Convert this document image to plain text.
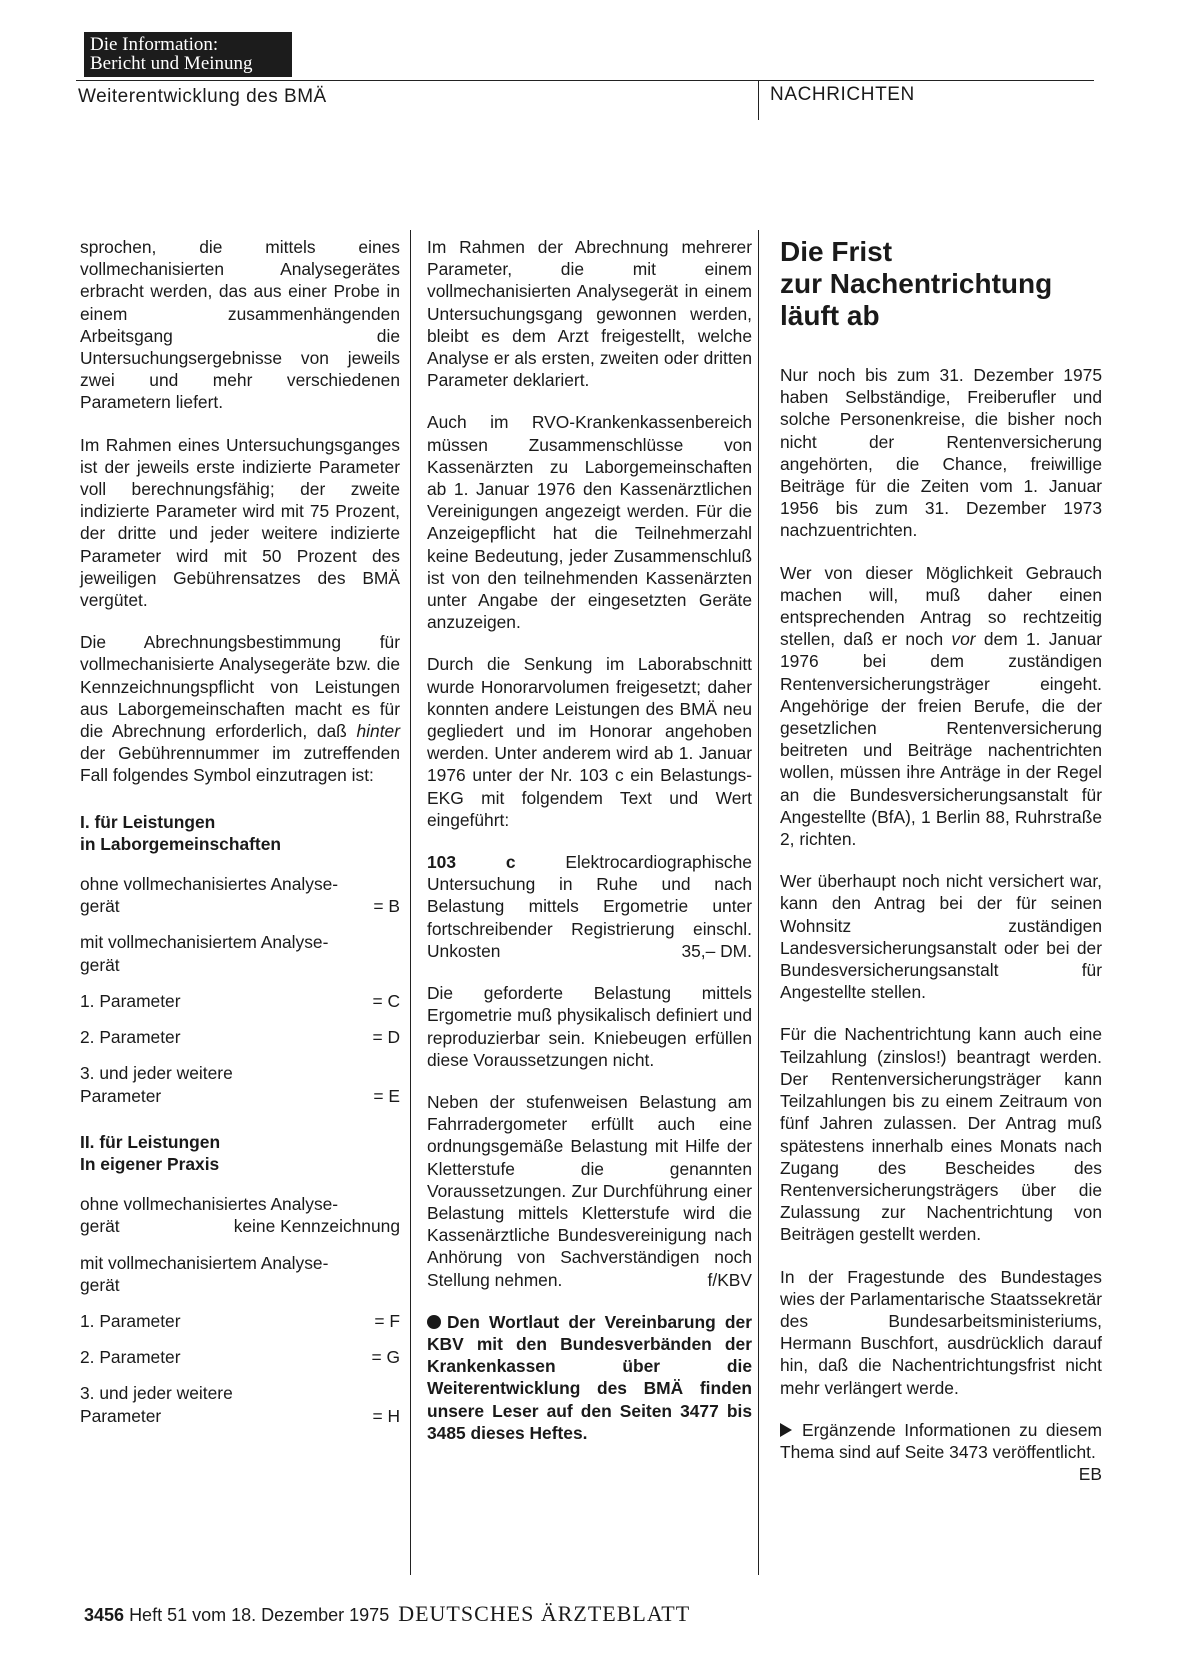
Die Information:
Bericht und Meinung
Weiterentwicklung des BMÄ	NACHRICHTEN

sprochen, die mittels eines vollmechanisierten Analysegerätes erbracht werden, das aus einer Probe in einem zusammenhängenden Arbeitsgang die Untersuchungsergebnisse von jeweils zwei und mehr verschiedenen Parametern liefert.

Im Rahmen eines Untersuchungsganges ist der jeweils erste indizierte Parameter voll berechnungsfähig; der zweite indizierte Parameter wird mit 75 Prozent, der dritte und jeder weitere indizierte Parameter wird mit 50 Prozent des jeweiligen Gebührensatzes des BMÄ vergütet.

Die Abrechnungsbestimmung für vollmechanisierte Analysegeräte bzw. die Kennzeichnungspflicht von Leistungen aus Laborgemeinschaften macht es für die Abrechnung erforderlich, daß hinter der Gebührennummer im zutreffenden Fall folgendes Symbol einzutragen ist:

I. für Leistungen
in Laborgemeinschaften
ohne vollmechanisiertes Analyse-
gerät	= B
mit vollmechanisiertem Analyse-
gerät
1. Parameter	= C
2. Parameter	= D
3. und jeder weitere
Parameter	= E
II. für Leistungen
In eigener Praxis
ohne vollmechanisiertes Analyse-
gerät	keine Kennzeichnung
mit vollmechanisiertem Analyse-
gerät
1. Parameter	= F
2. Parameter	= G
3. und jeder weitere
Parameter	= H

Im Rahmen der Abrechnung mehrerer Parameter, die mit einem vollmechanisierten Analysegerät in einem Untersuchungsgang gewonnen werden, bleibt es dem Arzt freigestellt, welche Analyse er als ersten, zweiten oder dritten Parameter deklariert.

Auch im RVO-Krankenkassenbereich müssen Zusammenschlüsse von Kassenärzten zu Laborgemeinschaften ab 1. Januar 1976 den Kassenärztlichen Vereinigungen angezeigt werden. Für die Anzeigepflicht hat die Teilnehmerzahl keine Bedeutung, jeder Zusammenschluß ist von den teilnehmenden Kassenärzten unter Angabe der eingesetzten Geräte anzuzeigen.

Durch die Senkung im Laborabschnitt wurde Honorarvolumen freigesetzt; daher konnten andere Leistungen des BMÄ neu gegliedert und im Honorar angehoben werden. Unter anderem wird ab 1. Januar 1976 unter der Nr. 103 c ein Belastungs-EKG mit folgendem Text und Wert eingeführt:

103 c	Elektrocardiographische Untersuchung in Ruhe und nach Belastung mittels Ergometrie unter fortschreibender Registrierung einschl. Unkosten	35,– DM.

Die geforderte Belastung mittels Ergometrie muß physikalisch definiert und reproduzierbar sein. Kniebeugen erfüllen diese Voraussetzungen nicht.

Neben der stufenweisen Belastung am Fahrradergometer erfüllt auch eine ordnungsgemäße Belastung mit Hilfe der Kletterstufe die genannten Voraussetzungen. Zur Durchführung einer Belastung mittels Kletterstufe wird die Kassenärztliche Bundesvereinigung nach Anhörung von Sachverständigen noch Stellung nehmen.	f/KBV

Den Wortlaut der Vereinbarung der KBV mit den Bundesverbänden der Krankenkassen über die Weiterentwicklung des BMÄ finden unsere Leser auf den Seiten 3477 bis 3485 dieses Heftes.

Die Frist
zur Nachentrichtung
läuft ab

Nur noch bis zum 31. Dezember 1975 haben Selbständige, Freiberufler und solche Personenkreise, die bisher noch nicht der Rentenversicherung angehörten, die Chance, freiwillige Beiträge für die Zeiten vom 1. Januar 1956 bis zum 31. Dezember 1973 nachzuentrichten.

Wer von dieser Möglichkeit Gebrauch machen will, muß daher einen entsprechenden Antrag so rechtzeitig stellen, daß er noch vor dem 1. Januar 1976 bei dem zuständigen Rentenversicherungsträger eingeht. Angehörige der freien Berufe, die der gesetzlichen Rentenversicherung beitreten und Beiträge nachentrichten wollen, müssen ihre Anträge in der Regel an die Bundesversicherungsanstalt für Angestellte (BfA), 1 Berlin 88, Ruhrstraße 2, richten.

Wer überhaupt noch nicht versichert war, kann den Antrag bei der für seinen Wohnsitz zuständigen Landesversicherungsanstalt oder bei der Bundesversicherungsanstalt für Angestellte stellen.

Für die Nachentrichtung kann auch eine Teilzahlung (zinslos!) beantragt werden. Der Rentenversicherungsträger kann Teilzahlungen bis zu einem Zeitraum von fünf Jahren zulassen. Der Antrag muß spätestens innerhalb eines Monats nach Zugang des Bescheides des Rentenversicherungsträgers über die Zulassung zur Nachentrichtung von Beiträgen gestellt werden.

In der Fragestunde des Bundestages wies der Parlamentarische Staatssekretär des Bundesarbeitsministeriums, Hermann Buschfort, ausdrücklich darauf hin, daß die Nachentrichtungsfrist nicht mehr verlängert werde.

Ergänzende Informationen zu diesem Thema sind auf Seite 3473 veröffentlicht.
EB

3456 Heft 51 vom 18. Dezember 1975 DEUTSCHES ÄRZTEBLATT
